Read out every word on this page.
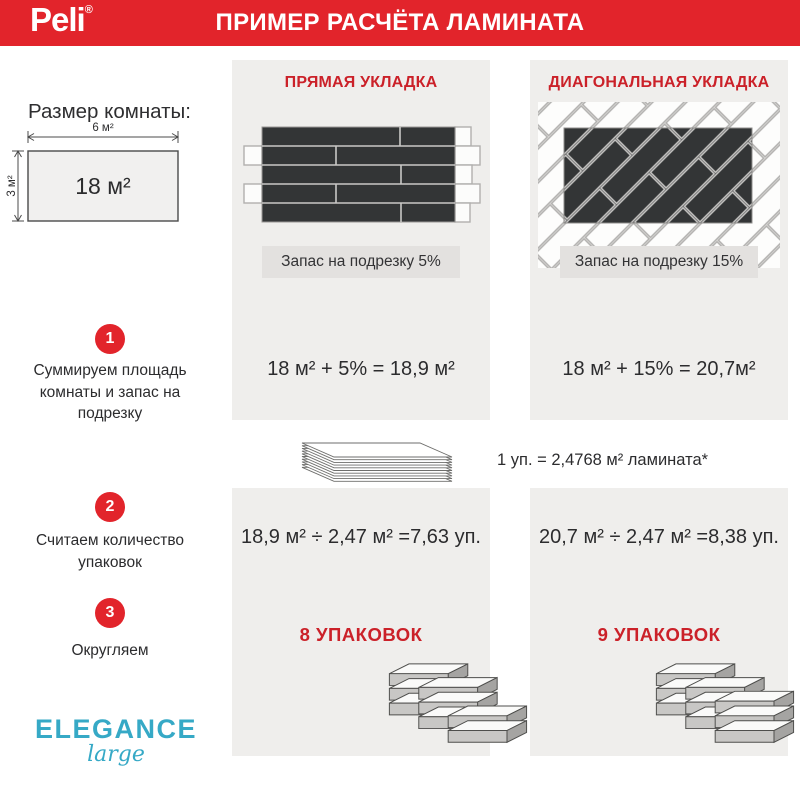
Peli®	ПРИМЕР РАСЧЁТА ЛАМИНАТА
Размер комнаты:
6 м²
3 м² 18 м²
ПРЯМАЯ УКЛАДКА
Запас на подрезку 5%
18 м² + 5% = 18,9 м²
ДИАГОНАЛЬНАЯ УКЛАДКА
Запас на подрезку 15%
18 м² + 15% = 20,7м²
1
Суммируем площадь комнаты и запас на подрезку
2
Считаем количество упаковок
3
Округляем
1 уп. = 2,4768 м² ламината*
18,9 м² ÷ 2,47 м² =7,63 уп.
8 УПАКОВОК
20,7 м² ÷ 2,47 м² =8,38 уп.
9 УПАКОВОК
ELEGANCE
large
